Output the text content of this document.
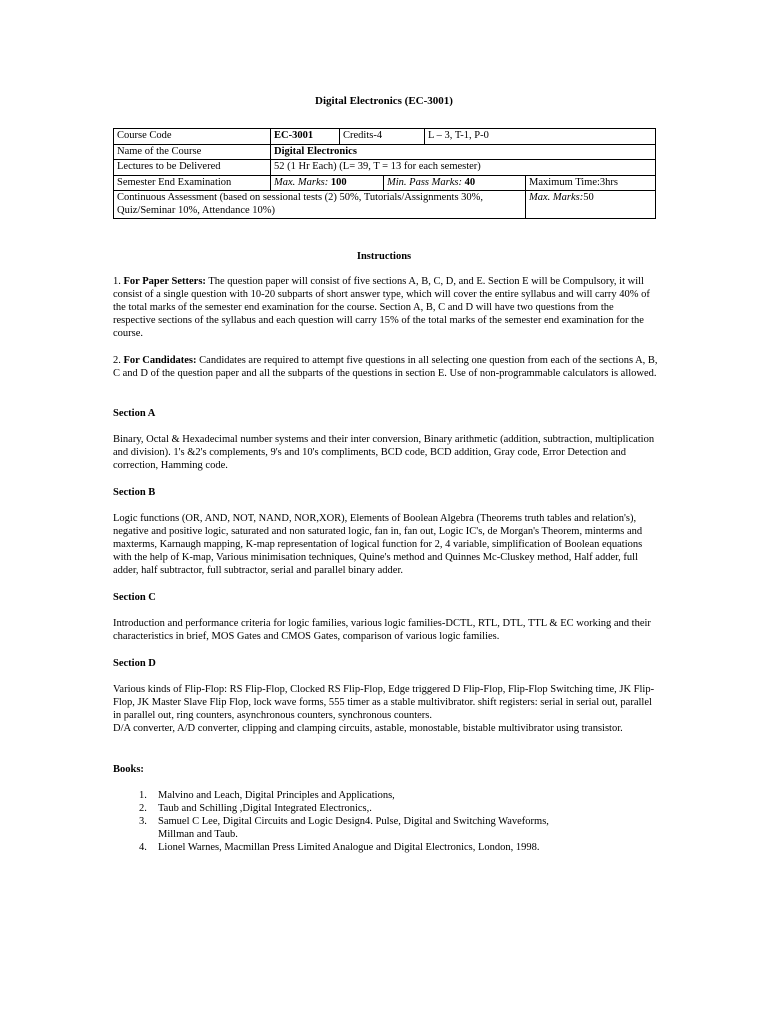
Digital Electronics (EC-3001)
Course Code	EC-3001	Credits-4		L – 3, T-1, P-0	
Name of the Course	Digital Electronics				
Lectures to be Delivered	52 (1 Hr Each) (L= 39, T = 13 for each semester)				
Semester End Examination	Max. Marks: 100		Min. Pass Marks: 40		Maximum Time:3hrs
Continuous Assessment (based on sessional tests (2) 50%, Tutorials/Assignments 30%, Quiz/Seminar 10%, Attendance 10%)					Max. Marks:50
Instructions

1. For Paper Setters: The question paper will consist of five sections A, B, C, D, and E. Section E will be Compulsory, it will consist of a single question with 10-20 subparts of short answer type, which will cover the entire syllabus and will carry 40% of the total marks of the semester end examination for the course. Section A, B, C and D will have two questions from the respective sections of the syllabus and each question will carry 15% of the total marks of the semester end examination for the course.

2. For Candidates: Candidates are required to attempt five questions in all selecting one question from each of the sections A, B, C and D of the question paper and all the subparts of the questions in section E. Use of non-programmable calculators is allowed.

Section A

Binary, Octal & Hexadecimal number systems and their inter conversion, Binary arithmetic (addition, subtraction, multiplication and division). 1's &2's complements, 9's and 10's compliments, BCD code, BCD addition, Gray code, Error Detection and correction, Hamming code.

Section B

Logic functions (OR, AND, NOT, NAND, NOR,XOR), Elements of Boolean Algebra (Theorems truth tables and relation's), negative and positive logic, saturated and non saturated logic, fan in, fan out, Logic IC's, de Morgan's Theorem, minterms and maxterms, Karnaugh mapping, K-map representation of logical function for 2, 4 variable, simplification of Boolean equations with the help of K-map, Various minimisation techniques, Quine's method and Quinnes Mc-Cluskey method, Half adder, full adder, half subtractor, full subtractor, serial and parallel binary adder.

Section C

Introduction and performance criteria for logic families, various logic families-DCTL, RTL, DTL, TTL & EC working and their characteristics in brief, MOS Gates and CMOS Gates, comparison of various logic families.

Section D

Various kinds of Flip-Flop: RS Flip-Flop, Clocked RS Flip-Flop, Edge triggered D Flip-Flop, Flip-Flop Switching time, JK Flip-Flop, JK Master Slave Flip Flop, lock wave forms, 555 timer as a stable multivibrator. shift registers: serial in serial out, parallel in parallel out, ring counters, asynchronous counters, synchronous counters.

D/A converter, A/D converter, clipping and clamping circuits, astable, monostable, bistable multivibrator using transistor.

Books:
1. Malvino and Leach, Digital Principles and Applications,
2. Taub and Schilling ,Digital Integrated Electronics,.
3. Samuel C Lee, Digital Circuits and Logic Design4. Pulse, Digital and Switching Waveforms, Millman and Taub.
4. Lionel Warnes, Macmillan Press Limited Analogue and Digital Electronics, London, 1998.
